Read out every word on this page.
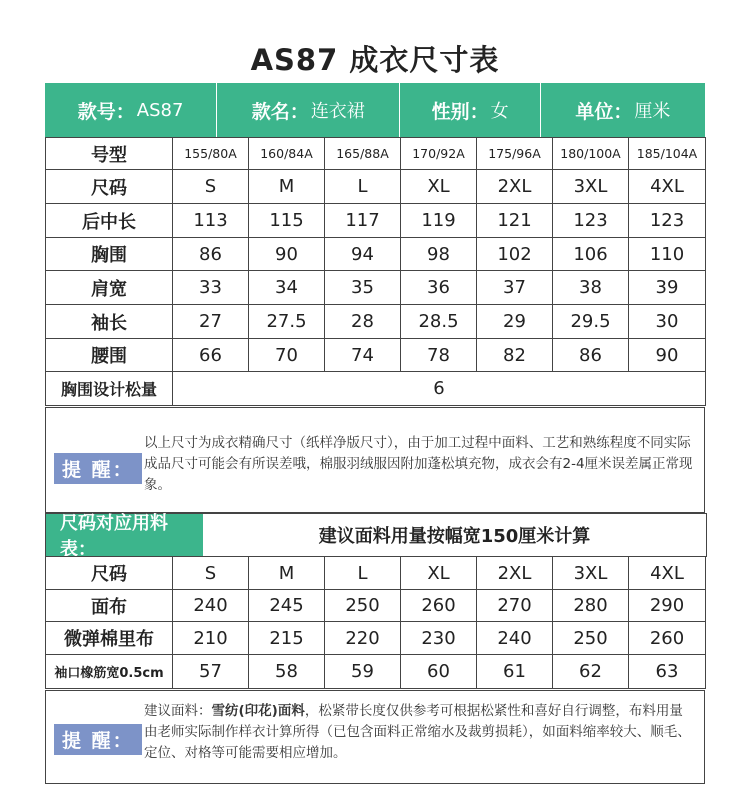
AS87 成衣尺寸表
款号： AS87	款名： 连衣裙	性别： 女	单位： 厘米
号型	155/80A	160/84A	165/88A	170/92A	175/96A	180/100A	185/104A
尺码	S	M	L	XL	2XL	3XL	4XL
后中长	113	115	117	119	121	123	123
胸围	86	90	94	98	102	106	110
肩宽	33	34	35	36	37	38	39
袖长	27	27.5	28	28.5	29	29.5	30
腰围	66	70	74	78	82	86	90
胸围设计松量	6						
提 醒：
以上尺寸为成衣精确尺寸（纸样净版尺寸），由于加工过程中面料、工艺和熟练程度不同实际成品尺寸可能会有所误差哦，棉服羽绒服因附加蓬松填充物，成衣会有2-4厘米误差属正常现象。
尺码对应用料表：
建议面料用量按幅宽150厘米计算
尺码	S	M	L	XL	2XL	3XL	4XL
面布	240	245	250	260	270	280	290
微弹棉里布	210	215	220	230	240	250	260
袖口橡筋宽0.5cm	57	58	59	60	61	62	63
提 醒：
建议面料：雪纺(印花)面料，松紧带长度仅供参考可根据松紧性和喜好自行调整，布料用量由老师实际制作样衣计算所得（已包含面料正常缩水及裁剪损耗），如面料缩率较大、顺毛、定位、对格等可能需要相应增加。
